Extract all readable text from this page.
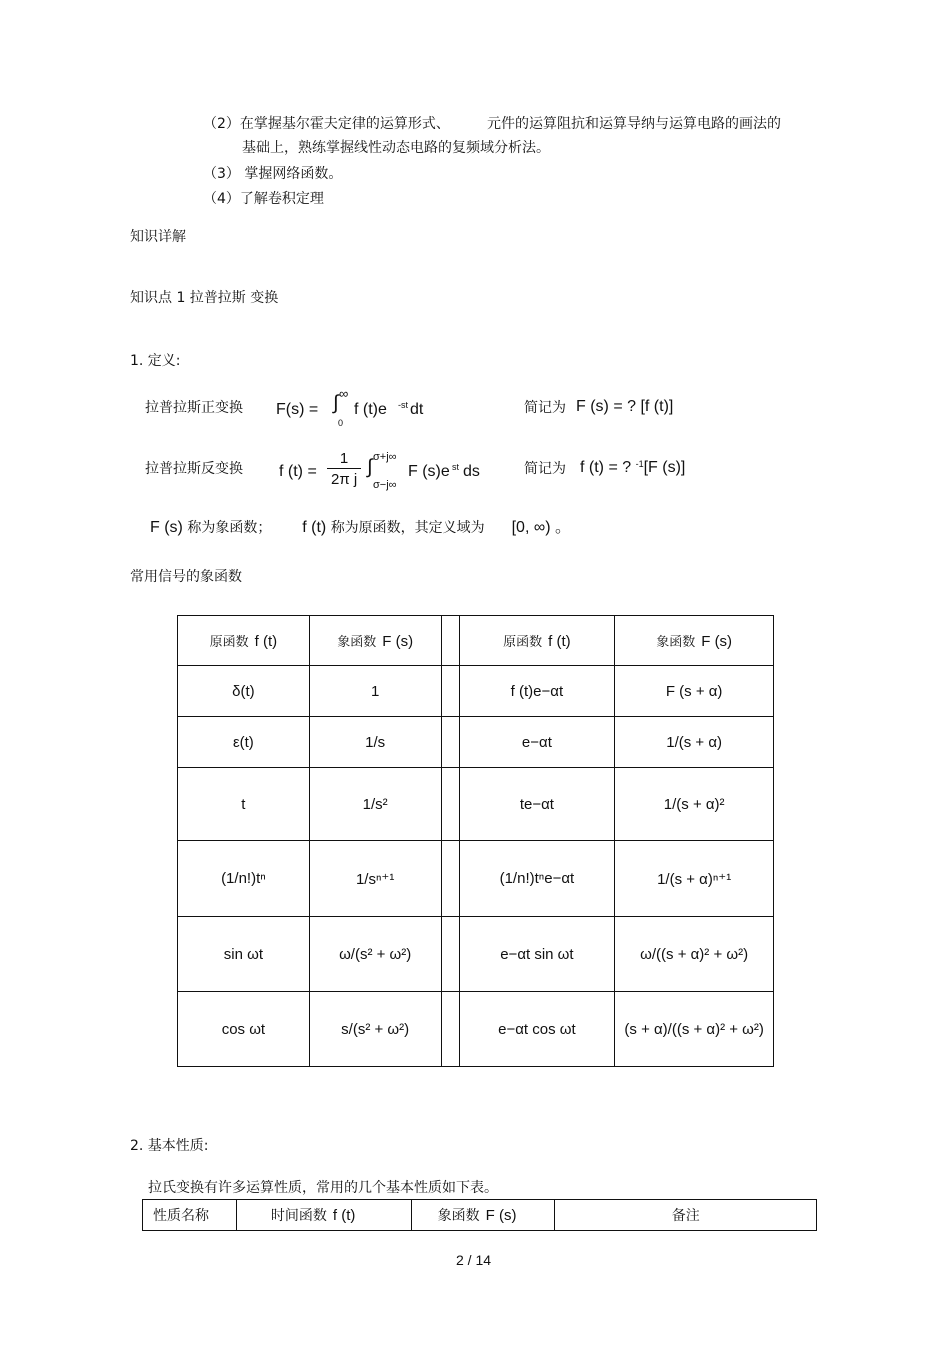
（2）在掌握基尔霍夫定律的运算形式、	元件的运算阻抗和运算导纳与运算电路的画法的
基础上，熟练掌握线性动态电路的复频域分析法。
（3） 掌握网络函数。
（4）了解卷积定理
知识详解
知识点 1 拉普拉斯 变换
1. 定义:
拉普拉斯正变换 F(s) = ∫ ∞
0
f (t)e -st dt	简记为 F (s) = ? [f (t)]
拉普拉斯反变换 f $(t) = \frac{1}{\text{2π j}}$ ∫ σ+j∞
σ−j∞
F (s)e st ds	简记为 f (t) = ? $^{-1}$[F (s)]
F (s) 称为象函数； f (t) 称为原函数，其定义域为 [0, ∞) 。
常用信号的象函数
原函数 f (t)	象函数 F (s)		原函数 f (t)	象函数 F (s)
δ(t)	1		f (t)e−αt	F (s + α)
ε(t)	1/s		e−αt	1/(s + α)
t	1/s²		te−αt	1/(s + α)²
(1/n!)tⁿ	1/sⁿ⁺¹		(1/n!)tⁿe−αt	1/(s + α)ⁿ⁺¹
sin ωt	ω/(s² + ω²)		e−αt sin ωt	ω/((s + α)² + ω²)
cos ωt	s/(s² + ω²)		e−αt cos ωt	(s + α)/((s + α)² + ω²)
2. 基本性质:
拉氏变换有许多运算性质，常用的几个基本性质如下表。
性质名称	时间函数 f (t)	象函数 F (s)	备注
2 / 14
